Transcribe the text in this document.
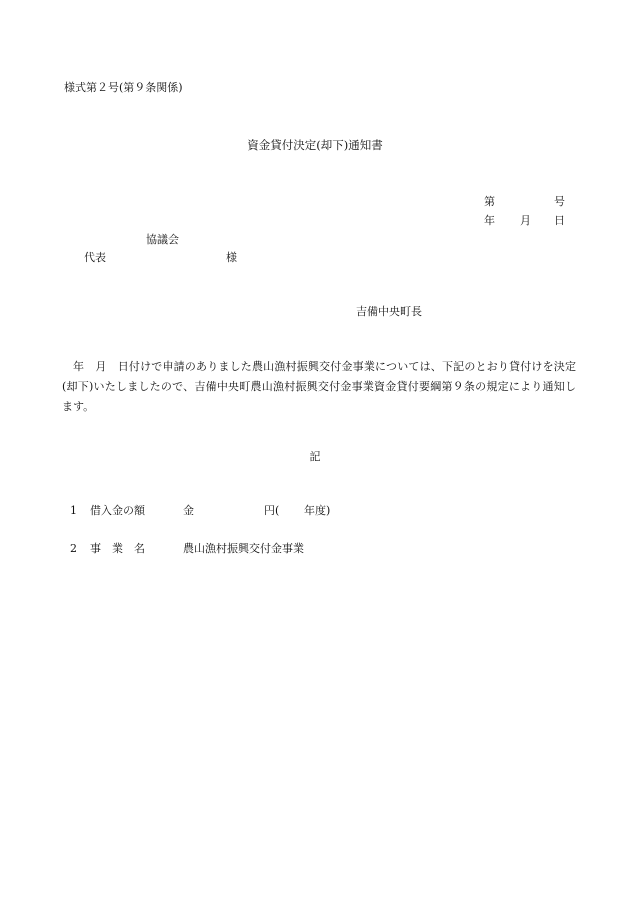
様式第２号(第９条関係)
資金貸付決定(却下)通知書
第	号
年 月 日
協議会
代表	様
吉備中央町長
年　月　日付けで申請のありました農山漁村振興交付金事業については、下記のとおり貸付けを決定(却下)いたしましたので、吉備中央町農山漁村振興交付金事業資金貸付要綱第９条の規定により通知します。
記
1 借入金の額	金	円( 年度)
2 事　業　名	農山漁村振興交付金事業
